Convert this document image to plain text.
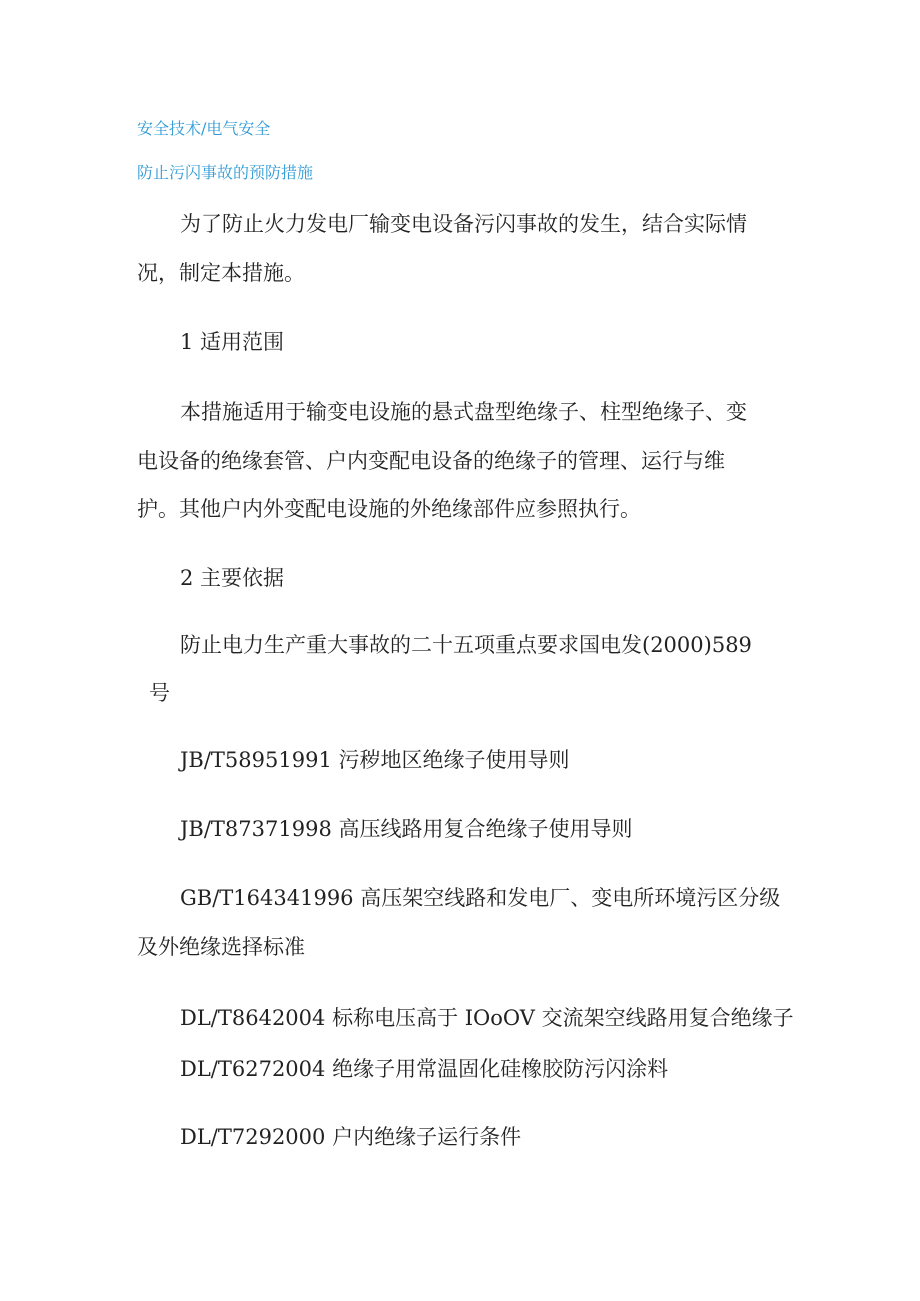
安全技术/电气安全
防止污闪事故的预防措施
为了防止火力发电厂输变电设备污闪事故的发生，结合实际情
况，制定本措施。
1 适用范围
本措施适用于输变电设施的悬式盘型绝缘子、柱型绝缘子、变
电设备的绝缘套管、户内变配电设备的绝缘子的管理、运行与维
护。其他户内外变配电设施的外绝缘部件应参照执行。
2 主要依据
防止电力生产重大事故的二十五项重点要求国电发(2000)589
号
JB/T58951991 污秽地区绝缘子使用导则
JB/T87371998 高压线路用复合绝缘子使用导则
GB/T164341996 高压架空线路和发电厂、变电所环境污区分级
及外绝缘选择标准
DL/T8642004 标称电压高于 IOoOV 交流架空线路用复合绝缘子
DL/T6272004 绝缘子用常温固化硅橡胶防污闪涂料
DL/T7292000 户内绝缘子运行条件
